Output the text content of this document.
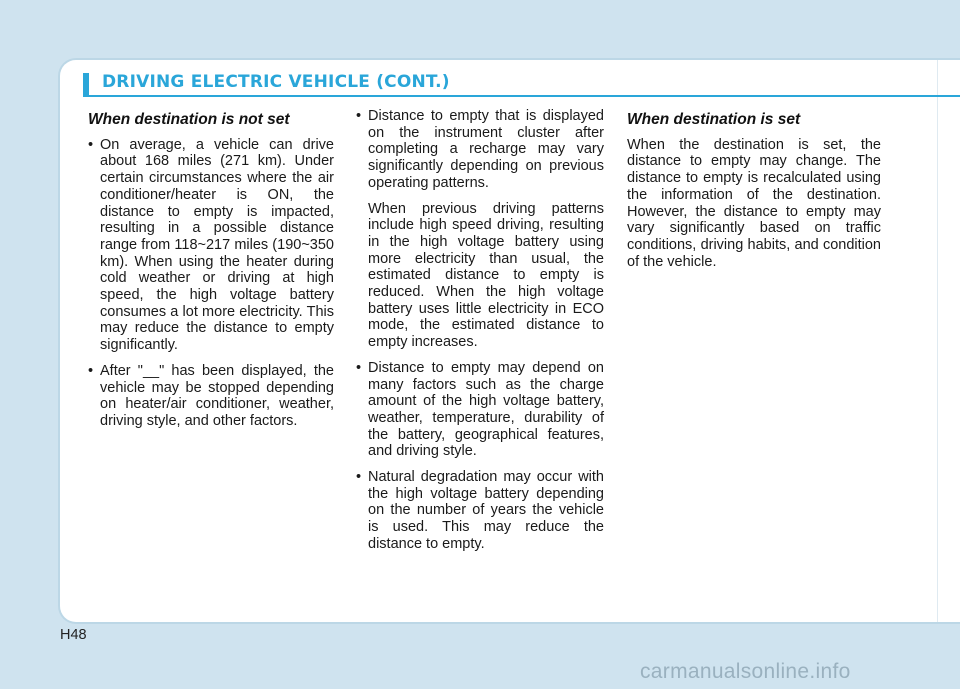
DRIVING ELECTRIC VEHICLE (CONT.)
When destination is not set
• On average, a vehicle can drive about 168 miles (271 km). Under certain circumstances where the air conditioner/heater is ON, the distance to empty is impacted, resulting in a possible distance range from 118~217 miles (190~350 km). When using the heater during cold weather or driving at high speed, the high voltage battery consumes a lot more electricity. This may reduce the distance to empty significantly.
• After "__" has been displayed, the vehicle may be stopped depending on heater/air conditioner, weather, driving style, and other factors.
• Distance to empty that is displayed on the instrument cluster after completing a recharge may vary significantly depending on previous operating patterns.

When previous driving patterns include high speed driving, resulting in the high voltage battery using more electricity than usual, the estimated distance to empty is reduced. When the high voltage battery uses little electricity in ECO mode, the estimated distance to empty increases.

• Distance to empty may depend on many factors such as the charge amount of the high voltage battery, weather, temperature, durability of the battery, geographical features, and driving style.
• Natural degradation may occur with the high voltage battery depending on the number of years the vehicle is used. This may reduce the distance to empty.
When destination is set

When the destination is set, the distance to empty may change. The distance to empty is recalculated using the information of the destination. However, the distance to empty may vary significantly based on traffic conditions, driving habits, and condition of the vehicle.

H48
carmanualsonline.info
